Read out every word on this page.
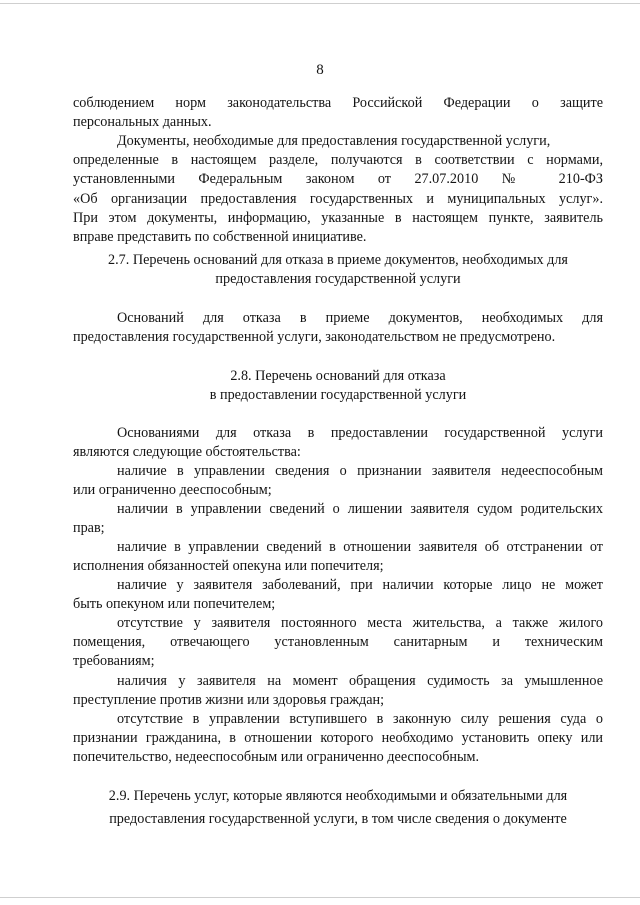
8
соблюдением норм законодательства Российской Федерации о защите
персональных данных.
Документы, необходимые для предоставления государственной услуги,
определенные в настоящем разделе, получаются в соответствии с нормами,
установленными Федеральным законом от 27.07.2010 № 210-ФЗ
«Об организации предоставления государственных и муниципальных услуг».
При этом документы, информацию, указанные в настоящем пункте, заявитель
вправе представить по собственной инициативе.
2.7. Перечень оснований для отказа в приеме документов, необходимых для
предоставления государственной услуги
Оснований для отказа в приеме документов, необходимых для
предоставления государственной услуги, законодательством не предусмотрено.
2.8. Перечень оснований для отказа
в предоставлении государственной услуги
Основаниями для отказа в предоставлении государственной услуги
являются следующие обстоятельства:
наличие в управлении сведения о признании заявителя недееспособным
или ограниченно дееспособным;
наличии в управлении сведений о лишении заявителя судом родительских
прав;
наличие в управлении сведений в отношении заявителя об отстранении от
исполнения обязанностей опекуна или попечителя;
наличие у заявителя заболеваний, при наличии которые лицо не может
быть опекуном или попечителем;
отсутствие у заявителя постоянного места жительства, а также жилого
помещения, отвечающего установленным санитарным и техническим
требованиям;
наличия у заявителя на момент обращения судимость за умышленное
преступление против жизни или здоровья граждан;
отсутствие в управлении вступившего в законную силу решения суда о
признании гражданина, в отношении которого необходимо установить опеку или
попечительство, недееспособным или ограниченно дееспособным.
2.9. Перечень услуг, которые являются необходимыми и обязательными для
предоставления государственной услуги, в том числе сведения о документе
